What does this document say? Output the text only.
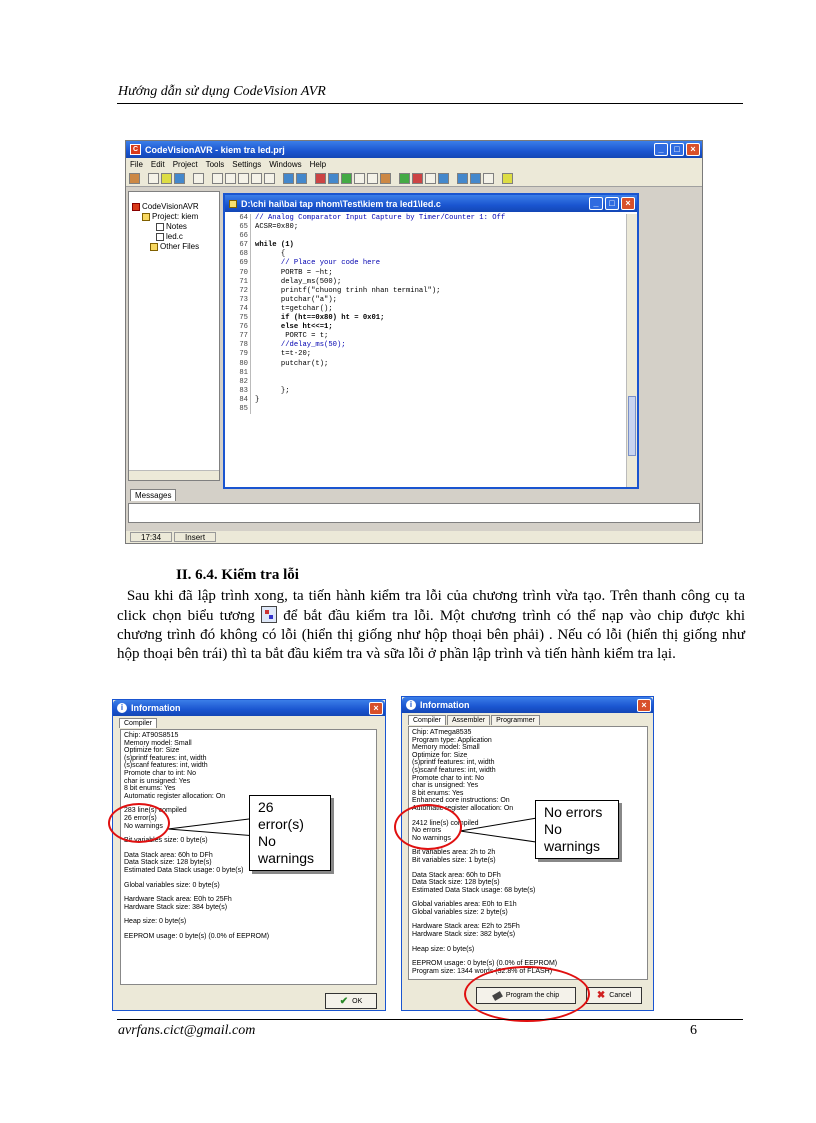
Hướng dẫn sử dụng CodeVision AVR
C CodeVisionAVR - kiem tra led.prj	_	□	×
File Edit Project Tools Settings Windows Help
CodeVisionAVR
Project: kiem
Notes
led.c
Other Files
D:\chi hai\bai tap nhom\Test\kiem tra led1\led.c	_	□	×
64 // Analog Comparator Input Capture by Timer/Counter 1: Off
65 ACSR=0x80;
66
67 while (1)
68 {
69 // Place your code here
70 PORTB = ~ht;
71 delay_ms(500);
72 printf("chuong trinh nhan terminal");
73 putchar("a");
74 t=getchar();
75 if (ht==0x80) ht = 0x01;
76 else ht<<=1;
77 PORTC = t;
78 //delay_ms(50);
79 t=t-20;
80 putchar(t);
81
82
83 };
84 }
85
Messages
17:34	Insert
II. 6.4. Kiểm tra lỗi
Sau khi đã lập trình xong, ta tiến hành kiểm tra lỗi của chương trình vừa tạo. Trên thanh công cụ ta click chọn biểu tương  để bắt đầu kiểm tra lỗi. Một chương trình có thể nạp vào chip được khi chương trình đó không có lỗi (hiển thị giống như hộp thoại bên phải) . Nếu có lỗi (hiển thị giống như hộp thoại bên trái) thì ta bắt đầu kiểm tra và sữa lỗi ở phần lập trình và tiến hành kiểm tra lại.
i Information	×
Compiler
Chip: AT90S8515
Memory model: Small
Optimize for: Size
(s)printf features: int, width
(s)scanf features: int, width
Promote char to int: No
char is unsigned: Yes
8 bit enums: Yes
Automatic register allocation: On
283 line(s) compiled
26 error(s)
No warnings
Bit variables size: 0 byte(s)
Data Stack area: 60h to DFh
Data Stack size: 128 byte(s)
Estimated Data Stack usage: 0 byte(s)
Global variables size: 0 byte(s)
Hardware Stack area: E0h to 25Fh
Hardware Stack size: 384 byte(s)
Heap size: 0 byte(s)
EEPROM usage: 0 byte(s) (0.0% of EEPROM)
✔ OK
i Information	×
Compiler	Assembler	Programmer
Chip: ATmega8535
Program type: Application
Memory model: Small
Optimize for: Size
(s)printf features: int, width
(s)scanf features: int, width
Promote char to int: No
char is unsigned: Yes
8 bit enums: Yes
Enhanced core instructions: On
Automatic register allocation: On
2412 line(s) compiled
No errors
No warnings
Bit variables area: 2h to 2h
Bit variables size: 1 byte(s)
Data Stack area: 60h to DFh
Data Stack size: 128 byte(s)
Estimated Data Stack usage: 68 byte(s)
Global variables area: E0h to E1h
Global variables size: 2 byte(s)
Hardware Stack area: E2h to 25Fh
Hardware Stack size: 382 byte(s)
Heap size: 0 byte(s)
EEPROM usage: 0 byte(s) (0.0% of EEPROM)
Program size: 1344 words (32.8% of FLASH)
Program the chip	✖ Cancel
26 error(s)
No warnings
No errors
No warnings
avrfans.cict@gmail.com	6
